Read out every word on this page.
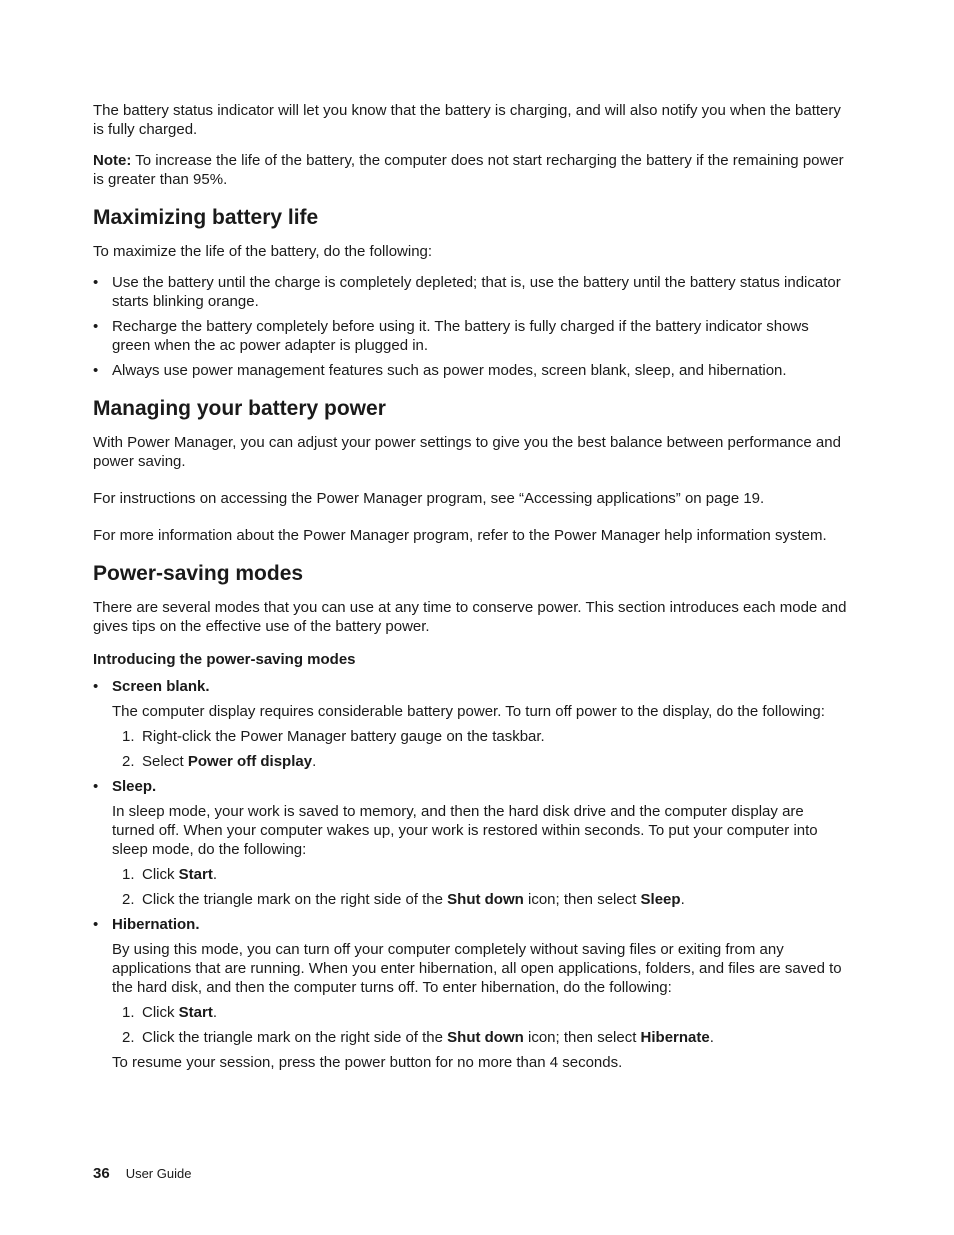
The battery status indicator will let you know that the battery is charging, and will also notify you when the battery is fully charged.

Note: To increase the life of the battery, the computer does not start recharging the battery if the remaining power is greater than 95%.

Maximizing battery life

To maximize the life of the battery, do the following:

• Use the battery until the charge is completely depleted; that is, use the battery until the battery status indicator starts blinking orange.
• Recharge the battery completely before using it. The battery is fully charged if the battery indicator shows green when the ac power adapter is plugged in.
• Always use power management features such as power modes, screen blank, sleep, and hibernation.
Managing your battery power

With Power Manager, you can adjust your power settings to give you the best balance between performance and power saving.

For instructions on accessing the Power Manager program, see “Accessing applications” on page 19.

For more information about the Power Manager program, refer to the Power Manager help information system.

Power-saving modes

There are several modes that you can use at any time to conserve power. This section introduces each mode and gives tips on the effective use of the battery power.

Introducing the power-saving modes
• Screen blank.

The computer display requires considerable battery power. To turn off power to the display, do the following:

1. Right-click the Power Manager battery gauge on the taskbar.
2. Select Power off display.
• Sleep.

In sleep mode, your work is saved to memory, and then the hard disk drive and the computer display are turned off. When your computer wakes up, your work is restored within seconds. To put your computer into sleep mode, do the following:

1. Click Start.
2. Click the triangle mark on the right side of the Shut down icon; then select Sleep.
• Hibernation.

By using this mode, you can turn off your computer completely without saving files or exiting from any applications that are running. When you enter hibernation, all open applications, folders, and files are saved to the hard disk, and then the computer turns off. To enter hibernation, do the following:

1. Click Start.
2. Click the triangle mark on the right side of the Shut down icon; then select Hibernate.

To resume your session, press the power button for no more than 4 seconds.

36 User Guide
